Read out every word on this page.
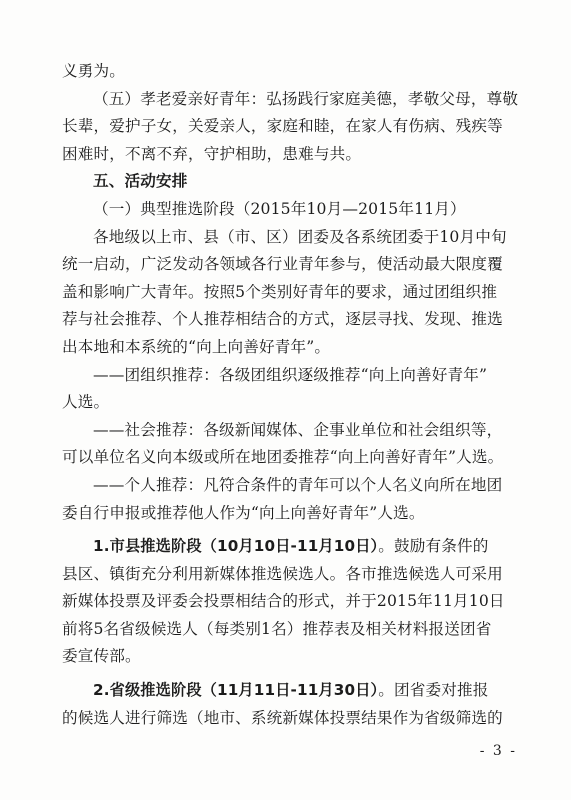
义勇为。
（五）孝老爱亲好青年：弘扬践行家庭美德，孝敬父母，尊敬
长辈，爱护子女，关爱亲人，家庭和睦，在家人有伤病、残疾等
困难时，不离不弃，守护相助，患难与共。
五、活动安排
（一）典型推选阶段（2015年10月—2015年11月）
各地级以上市、县（市、区）团委及各系统团委于10月中旬
统一启动，广泛发动各领域各行业青年参与，使活动最大限度覆
盖和影响广大青年。按照5个类别好青年的要求，通过团组织推
荐与社会推荐、个人推荐相结合的方式，逐层寻找、发现、推选
出本地和本系统的“向上向善好青年”。
——团组织推荐：各级团组织逐级推荐“向上向善好青年”
人选。
——社会推荐：各级新闻媒体、企事业单位和社会组织等，
可以单位名义向本级或所在地团委推荐“向上向善好青年”人选。
——个人推荐：凡符合条件的青年可以个人名义向所在地团
委自行申报或推荐他人作为“向上向善好青年”人选。
1.市县推选阶段（10月10日-11月10日）。鼓励有条件的
县区、镇街充分利用新媒体推选候选人。各市推选候选人可采用
新媒体投票及评委会投票相结合的形式，并于2015年11月10日
前将5名省级候选人（每类别1名）推荐表及相关材料报送团省
委宣传部。
2.省级推选阶段（11月11日-11月30日）。团省委对推报
的候选人进行筛选（地市、系统新媒体投票结果作为省级筛选的
- 3 -
